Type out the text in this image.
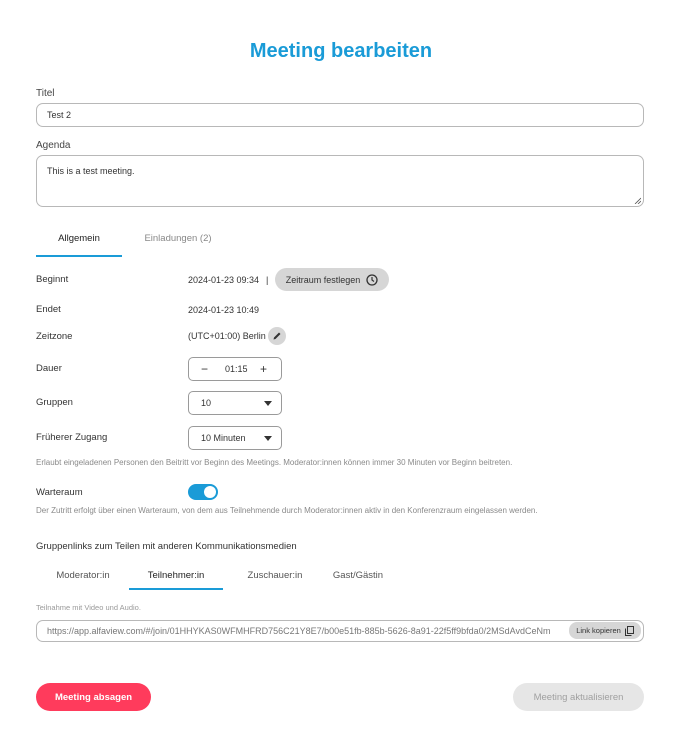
Meeting bearbeiten
Titel
Test 2
Agenda
This is a test meeting.
Allgemein	Einladungen (2)
Beginnt	2024-01-23 09:34 | Zeitraum festlegen
Endet	2024-01-23 10:49
Zeitzone	(UTC+01:00) Berlin
Dauer	− 01:15 +
Gruppen	10
Früherer Zugang	10 Minuten
Erlaubt eingeladenen Personen den Beitritt vor Beginn des Meetings. Moderator:innen können immer 30 Minuten vor Beginn beitreten.
Warteraum
Der Zutritt erfolgt über einen Warteraum, von dem aus Teilnehmende durch Moderator:innen aktiv in den Konferenzraum eingelassen werden.
Gruppenlinks zum Teilen mit anderen Kommunikationsmedien
Moderator:in	Teilnehmer:in	Zuschauer:in	Gast/Gästin
Teilnahme mit Video und Audio.
https://app.alfaview.com/#/join/01HHYKAS0WFMHFRD756C21Y8E7/b00e51fb-885b-5626-8a91-22f5ff9bfda0/2MSdAvdCeNm	Link kopieren
Meeting absagen	Meeting aktualisieren
